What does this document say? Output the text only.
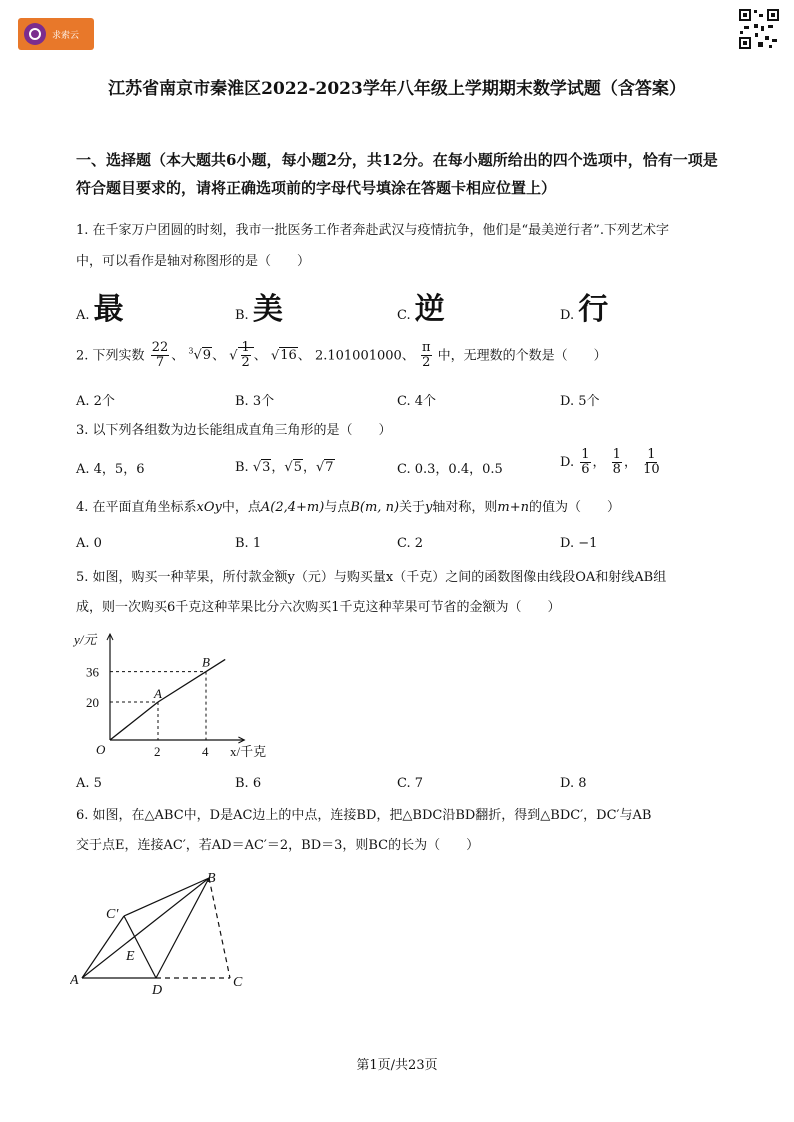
求索云
江苏省南京市秦淮区2022-2023学年八年级上学期期末数学试题（含答案）
一、选择题（本大题共6小题，每小题2分，共12分。在每小题所给出的四个选项中，恰有一项是符合题目要求的，请将正确选项前的字母代号填涂在答题卡相应位置上）
1. 在千家万户团圆的时刻，我市一批医务工作者奔赴武汉与疫情抗争，他们是“最美逆行者”.下列艺术字
中，可以看作是轴对称图形的是（　　）
A. 最	B. 美	C. 逆	D. 行
2. 下列实数 $\frac{22}{7}$ 、 $^3$√9、 √ $\frac{1}{2}$ 、 √16、 2.101001000、 $\frac{\pi}{2}$ 中，无理数的个数是（　　）
A. 2个	B. 3个	C. 4个	D. 5个
3. 以下列各组数为边长能组成直角三角形的是（　　）
A. 4，5，6	B. √3，√5，√7	C. 0.3，0.4，0.5	D. $\frac{1}{6}$ ， $\frac{1}{8}$ ， $\frac{1}{10}$
4. 在平面直角坐标系xOy中，点A(2,4+m)与点B(m, n)关于y轴对称，则m+n的值为（　　）
A. 0	B. 1	C. 2	D. −1
5. 如图，购买一种苹果，所付款金额y（元）与购买量x（千克）之间的函数图像由线段OA和射线AB组
成，则一次购买6千克这种苹果比分六次购买1千克这种苹果可节省的金额为（　　）
y/元
x/千克
O	2
20
4
36
A
B
A. 5	B. 6	C. 7	D. 8
6. 如图，在△ABC中，D是AC边上的中点，连接BD，把△BDC沿BD翻折，得到△BDC′，DC′与AB
交于点E，连接AC′，若AD＝AC′＝2，BD＝3，则BC的长为（　　）
A
B
C
C′
D
E
第1页/共23页
